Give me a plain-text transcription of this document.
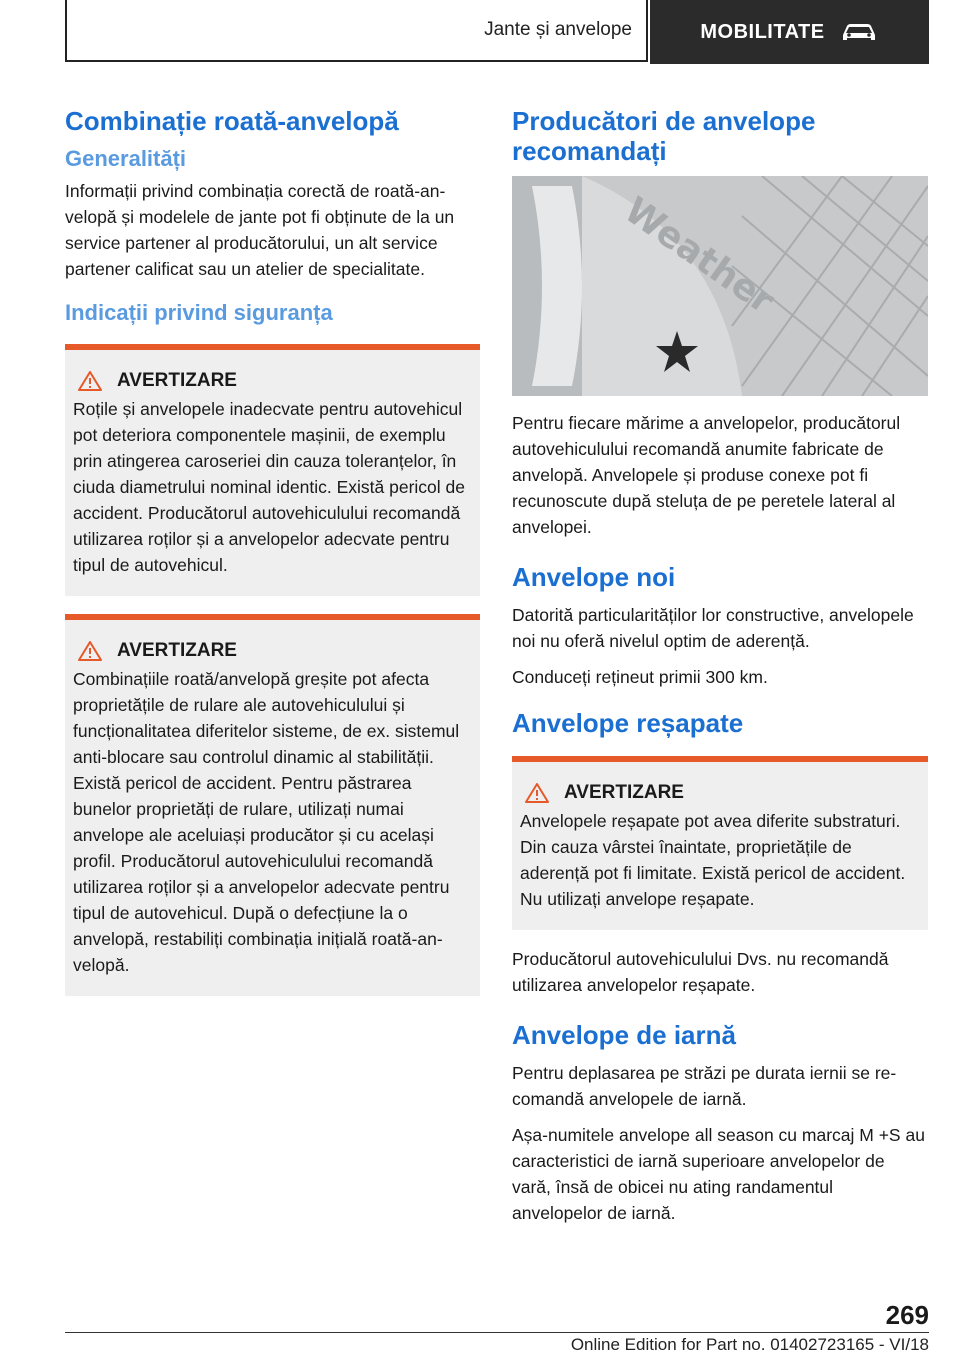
Jante și anvelope	MOBILITATE
Combinație roată-anvelopă
Generalități

Informații privind combinația corectă de roată-anvelopă și modelele de jante pot fi obținute de la un service partener al producătorului, un alt service partener calificat sau un atelier de specialitate.

Indicații privind siguranța
AVERTIZARE

Roțile și anvelopele inadecvate pentru autovehicul pot deteriora componentele mașinii, de exemplu prin atingerea caroseriei din cauza toleranțelor, în ciuda diametrului nominal identic. Există pericol de accident. Producătorul autovehiculului recomandă utilizarea roților și a anvelopelor adecvate pentru tipul de autovehicul.

AVERTIZARE

Combinațiile roată/anvelopă greșite pot afecta proprietățile de rulare ale autovehiculului și funcționalitatea diferitelor sisteme, de ex. sistemul anti-blocare sau controlul dinamic al stabilității. Există pericol de accident. Pentru păstrarea bunelor proprietăți de rulare, utilizați numai anvelope ale aceluiași producător și cu același profil. Producătorul autovehiculului recomandă utilizarea roților și a anvelopelor adecvate pentru tipul de autovehicul. După o defecțiune la o anvelopă, restabiliți combinația inițială roată-anvelopă.

Producători de anvelope recomandați
Weather

Pentru fiecare mărime a anvelopelor, producătorul autovehiculului recomandă anumite fabricate de anvelopă. Anvelopele și produse conexe pot fi recunoscute după steluța de pe peretele lateral al anvelopei.

Anvelope noi

Datorită particularităților lor constructive, anvelopele noi nu oferă nivelul optim de aderență.

Conduceți rețineut primii 300 km.

Anvelope reșapate
AVERTIZARE

Anvelopele reșapate pot avea diferite substraturi. Din cauza vârstei înaintate, proprietățile de aderență pot fi limitate. Există pericol de accident. Nu utilizați anvelope reșapate.

Producătorul autovehiculului Dvs. nu recomandă utilizarea anvelopelor reșapate.

Anvelope de iarnă

Pentru deplasarea pe străzi pe durata iernii se recomandă anvelopele de iarnă.

Așa-numitele anvelope all season cu marcaj M +S au caracteristici de iarnă superioare anvelopelor de vară, însă de obicei nu ating randamentul anvelopelor de iarnă.

269
Online Edition for Part no. 01402723165 - VI/18
